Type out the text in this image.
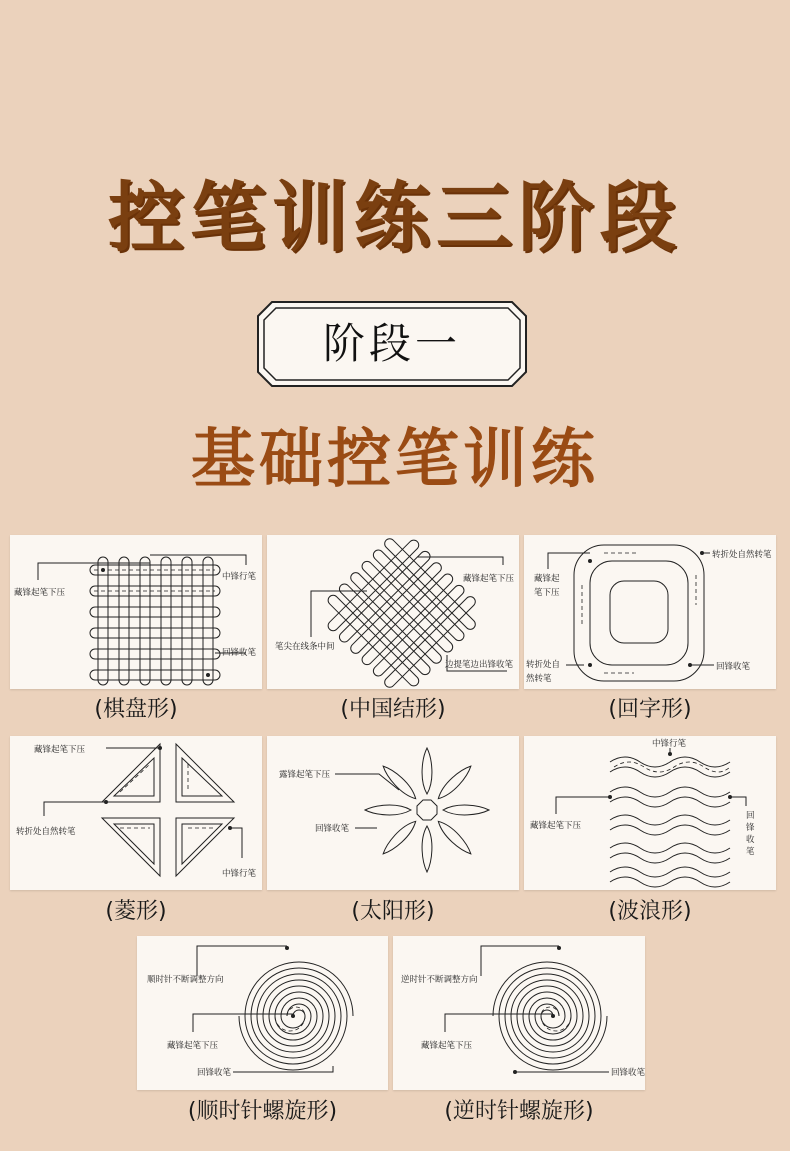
控笔训练三阶段
阶段一
基础控笔训练
藏锋起笔下压
中锋行笔
回锋收笔
(棋盘形)
藏锋起笔下压
笔尖在线条中间
边提笔边出锋收笔
(中国结形)
藏锋起
笔下压
转折处自然转笔
转折处自
然转笔
回锋收笔
(回字形)
藏锋起笔下压
转折处自然转笔
中锋行笔
(菱形)
露锋起笔下压
回锋收笔
(太阳形)
中锋行笔
藏锋起笔下压
回
锋
收
笔
(波浪形)
顺时针不断调整方向
藏锋起笔下压
回锋收笔
(顺时针螺旋形)
逆时针不断调整方向
藏锋起笔下压
回锋收笔
(逆时针螺旋形)
